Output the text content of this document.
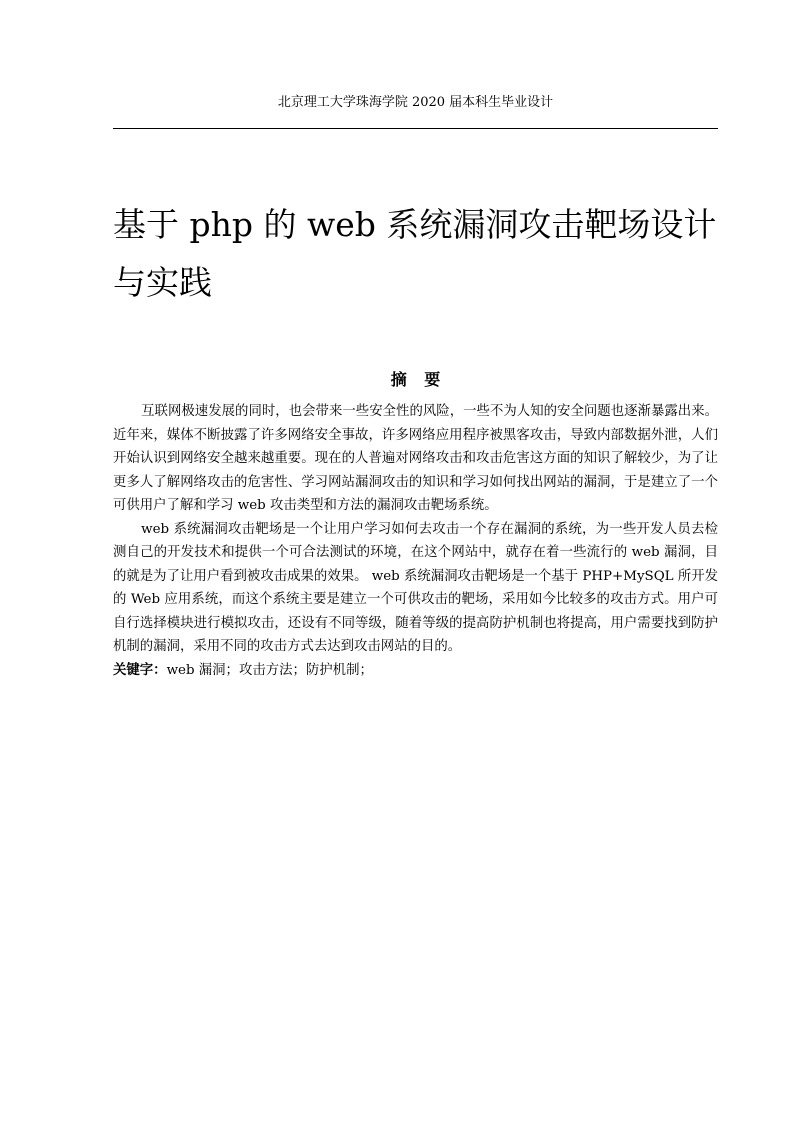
北京理工大学珠海学院 2020 届本科生毕业设计
基于 php 的 web 系统漏洞攻击靶场设计
与实践
摘要

互联网极速发展的同时，也会带来一些安全性的风险，一些不为人知的安全问题也逐渐暴露出来。近年来，媒体不断披露了许多网络安全事故，许多网络应用程序被黑客攻击，导致内部数据外泄，人们开始认识到网络安全越来越重要。现在的人普遍对网络攻击和攻击危害这方面的知识了解较少，为了让更多人了解网络攻击的危害性、学习网站漏洞攻击的知识和学习如何找出网站的漏洞，于是建立了一个可供用户了解和学习 web 攻击类型和方法的漏洞攻击靶场系统。

web 系统漏洞攻击靶场是一个让用户学习如何去攻击一个存在漏洞的系统，为一些开发人员去检测自己的开发技术和提供一个可合法测试的环境，在这个网站中，就存在着一些流行的 web 漏洞，目的就是为了让用户看到被攻击成果的效果。 web 系统漏洞攻击靶场是一个基于 PHP+MySQL 所开发的 Web 应用系统，而这个系统主要是建立一个可供攻击的靶场，采用如今比较多的攻击方式。用户可自行选择模块进行模拟攻击，还设有不同等级，随着等级的提高防护机制也将提高，用户需要找到防护机制的漏洞，采用不同的攻击方式去达到攻击网站的目的。

关键字：web 漏洞；攻击方法；防护机制；
